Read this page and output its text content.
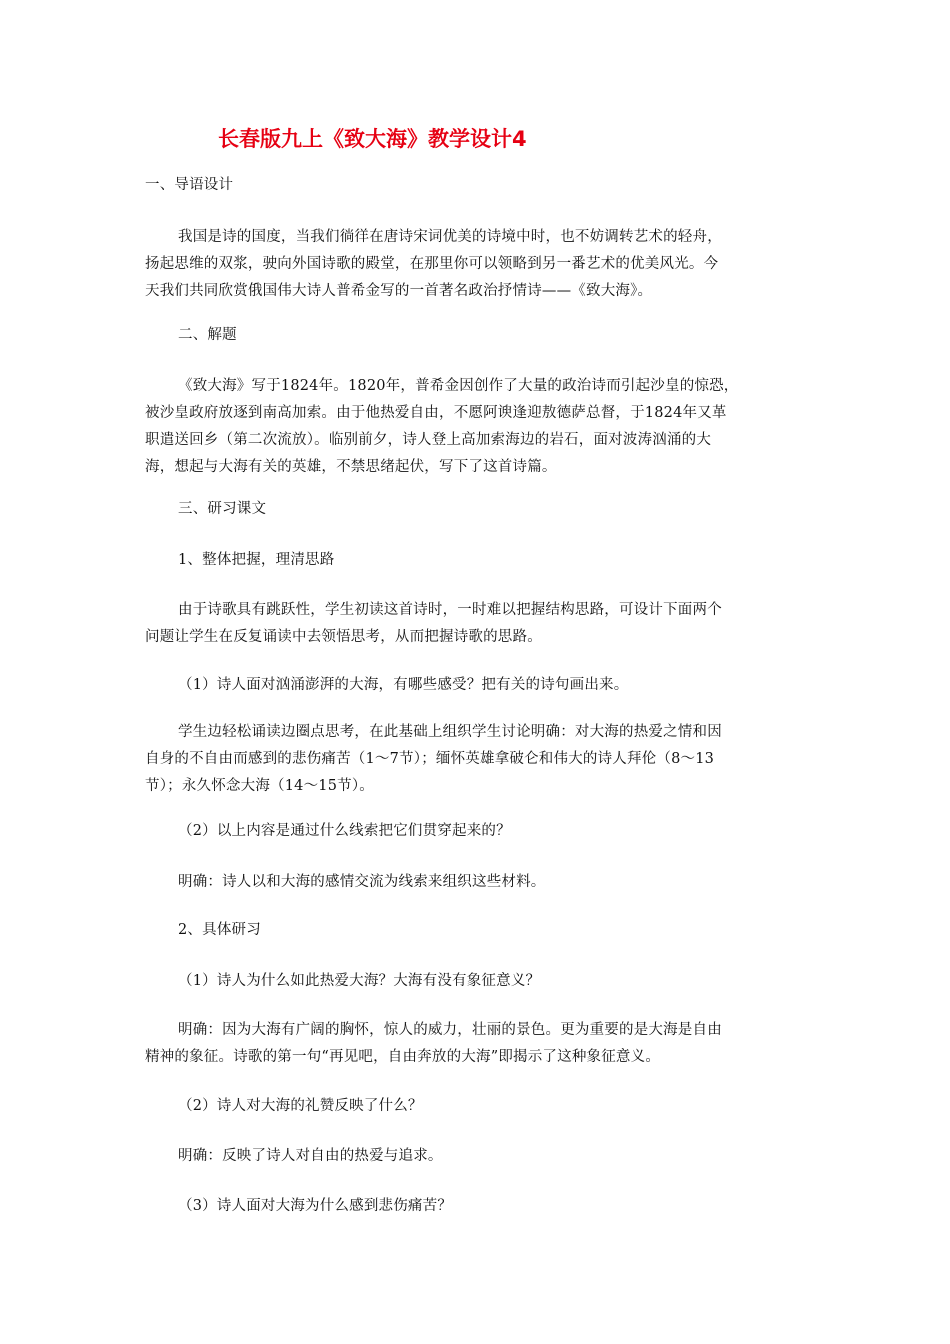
长春版九上《致大海》教学设计4
一、导语设计
我国是诗的国度，当我们徜徉在唐诗宋词优美的诗境中时，也不妨调转艺术的轻舟，
扬起思维的双浆，驶向外国诗歌的殿堂，在那里你可以领略到另一番艺术的优美风光。今
天我们共同欣赏俄国伟大诗人普希金写的一首著名政治抒情诗——《致大海》。
二、解题
《致大海》写于1824年。1820年，普希金因创作了大量的政治诗而引起沙皇的惊恐，
被沙皇政府放逐到南高加索。由于他热爱自由，不愿阿谀逢迎敖德萨总督，于1824年又革
职遣送回乡（第二次流放）。临别前夕，诗人登上高加索海边的岩石，面对波涛汹涌的大
海，想起与大海有关的英雄，不禁思绪起伏，写下了这首诗篇。
三、研习课文
1、整体把握，理清思路
由于诗歌具有跳跃性，学生初读这首诗时，一时难以把握结构思路，可设计下面两个
问题让学生在反复诵读中去领悟思考，从而把握诗歌的思路。
（1）诗人面对汹涌澎湃的大海，有哪些感受？把有关的诗句画出来。
学生边轻松诵读边圈点思考，在此基础上组织学生讨论明确：对大海的热爱之情和因
自身的不自由而感到的悲伤痛苦（1～7节）；缅怀英雄拿破仑和伟大的诗人拜伦（8～13
节）；永久怀念大海（14～15节）。
（2）以上内容是通过什么线索把它们贯穿起来的？
明确：诗人以和大海的感情交流为线索来组织这些材料。
2、具体研习
（1）诗人为什么如此热爱大海？大海有没有象征意义？
明确：因为大海有广阔的胸怀，惊人的威力，壮丽的景色。更为重要的是大海是自由
精神的象征。诗歌的第一句“再见吧，自由奔放的大海”即揭示了这种象征意义。
（2）诗人对大海的礼赞反映了什么？
明确：反映了诗人对自由的热爱与追求。
（3）诗人面对大海为什么感到悲伤痛苦？
